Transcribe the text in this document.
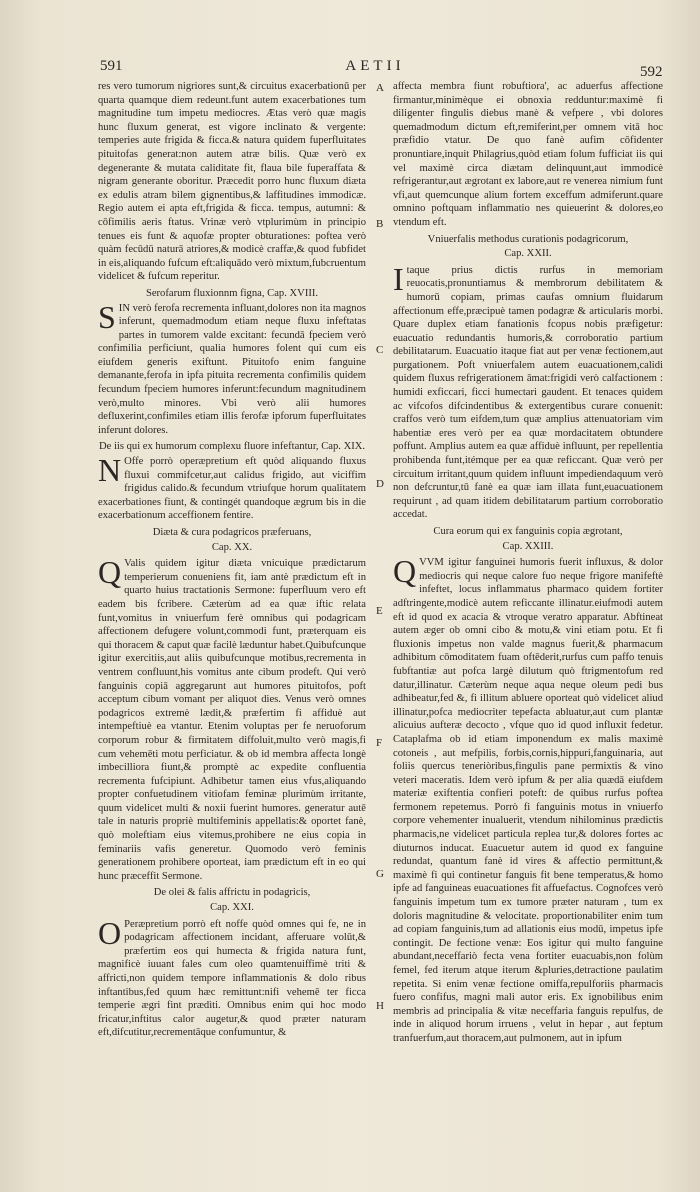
591	AETII	592
A
B
C
D
E
F
G
H

res vero tumorum nigriores sunt,& circuitus exacerbationū per quarta quamque diem redeunt.funt autem exacerbationes tum magnitudine tum impetu mediocres. Ætas verò quæ magis hunc fluxum generat, est vigore inclinato & vergente: temperies aute frigida & ficca.& natura quidem fuperfluitates pituitofas generat:non autem atræ bilis. Quæ verò ex degenerante & mutata caliditate fit, flaua bile fuperaffata & nigram generante oboritur. Præcedit porro hunc fluxum diæta ex edulis atram bilem gignentibus,& laffitudines immodicæ. Regio autem ei apta eft,frigida & ficca. tempus, autumni: & cōfimilis aeris ftatus. Vrinæ verò vtplurimùm in principio tenues eis funt & aquofæ propter obturationes: poftea verò quàm fecūdū naturā atriores,& modicè craffæ,& quod fubfidet in eis,aliquando fufcum eft:aliquādo verò mixtum,fubcruentum videlicet & fufcum reperitur.

Serofarum fluxionnm figna, Cap. XVIII.

SIN verò ferofa recrementa influant,dolores non ita magnos inferunt, quemadmodum etiam neque fluxu infeftatas partes in tumorem valde excitant: fecundā fpeciem verò confimilia perficiunt, qualia humores folent qui cum eis eiufdem generis exiftunt. Pituitofo enim fanguine demanante,ferofa in ipfa pituita recrementa confimilis quidem fecundum fpeciem humores inferunt:fecundum magnitudinem verò,multo minores. Vbi verò alii humores defluxerint,confimiles etiam illis ferofæ ipforum fuperfluitates inferunt dolores.

De iis qui ex humorum complexu fluore infeftantur, Cap. XIX.

N Offe porrò operæpretium eft quòd aliquando fluxus fluxui commifcetur,aut calidus frigido, aut viciffim frigidus calido.& fecundum vtriufque horum qualitatem exacerbationes fiunt, & contingét quandoque ægrum bis in die exacerbationum acceffionem fentire.

Diæta & cura podagricos præferuans,

Cap. XX.

Q Valis quidem igitur diæta vnicuique prædictarum temperierum conueniens fit, iam antè prædictum eft in quarto huius tractationis Sermone: fuperfluum vero eft eadem bis fcribere. Cæterùm ad ea quæ iftic relata funt,vomitus in vniuerfum ferè omnibus qui podagricam affectionem defugere volunt,commodi funt, præterquam eis qui thoracem & caput quæ facilè læduntur habet.Quibufcunque igitur exercitiis,aut aliis quibufcunque motibus,recrementa in ventrem confluunt,his vomitus ante cibum prodeft. Qui verò fanguinis copiā aggregarunt aut humores pituitofos, poft acceptum cibum vomant per aliquot dies. Venus verò omnes podagricos extremè lædit,& præfertim fi affiduè aut intempeftiuè ea vtantur. Etenim voluptas per fe neruoforum corporum robur & firmitatem diffoluit,multo verò magis,fi cum vehemēti motu perficiatur. & ob id membra affecta longè imbecilliora fiunt,& promptè ac expedite confluentia recrementa fufcipiunt. Adhibetur tamen eius vfus,aliquando propter confuetudinem vitiofam feminæ plurimùm irritante, quum videlicet multi & noxii fuerint humores. generatur autē tale in naturis propriè multifeminis appellatis:& oportet fanè, quò moleftiam eius vitemus,prohibere ne eius copia in feminariis vafis generetur. Quomodo verò feminis generationem prohibere oporteat, iam prædictum eft in eo qui hunc præceffit Sermone.

De olei & falis affrictu in podagricis,

Cap. XXI.

O Peræpretium porrò eft noffe quòd omnes qui fe, ne in podagricam affectionem incidant, afferuare volūt,& præfertim eos qui humecta & frigida natura funt, magnificè iuuant fales cum oleo quamtenuiffimè triti & affricti,non quidem tempore inflammationis & dolo ribus inftantibus,fed quum hæc remittunt:nifi vehemē ter ficca temperie ægri fint prædìti. Omnibus enim qui hoc modo fricatur,inftitus calor augetur,& quod præter naturam eft,difcutitur,recrementāque confumuntur, &

affecta membra fiunt robuftiora', ac aduerfus affectione firmantur,minimèque ei obnoxia redduntur:maximè fi diligenter fingulis diebus manè & vefpere , vbi dolores quemadmodum dictum eft,remiferint,per omnem vitā hoc præfidio vtatur. De quo fanè aufim cōfidenter pronuntiare,inquit Philagrius,quòd etiam folum fufficiat iis qui vel maximè circa diætam delinquunt,aut immodicè refrigerantur,aut ægrotant ex labore,aut re venerea nimium funt vfi,aut quemcunque alium fortem exceffum admiferunt.quare omnino poftquam inflammatio nes quieuerint & dolores,eo vtendum eft.

Vniuerfalis methodus curationis podagricorum,

Cap. XXII.

Itaque prius dictis rurfus in memoriam reuocatis,pronuntiamus & membrorum debilitatem & humorū copiam, primas caufas omnium fluidarum affectionum effe,præcipuè tamen podagræ & articularis morbi. Quare duplex etiam fanationis fcopus nobis præfigetur: euacuatio redundantis humoris,& corroboratio partium debilitatarum. Euacuatio itaque fiat aut per venæ fectionem,aut purgationem. Poft vniuerfalem autem euacuationem,calidi quidem fluxus refrigerationem āmat:frigidi verò calfactionem : humidi exficcari, ficci humectari gaudent. Et tenaces quidem ac vifcofos difcindentibus & extergentibus curare conuenit: craffos verò tum eifdem,tum quæ amplius attenuatoriam vim habentiæ eres verò per ea quæ mordacitatem obtundere poffunt. Amplius autem ea quæ affiduè influunt, per repellentia prohibenda funt,itémque per ea quæ reficcant. Quæ verò per circuitum irritant,quum quidem influunt impediendaquum verò non defcruntur,tū fanè ea quæ iam illata funt,euacuationem requirunt , ad quam itidem debilitatarum partium corroboratio accedat.

Cura eorum qui ex fanguinis copia ægrotant,

Cap. XXIII.

QVVM igitur fanguinei humoris fuerit influxus, & dolor mediocris qui neque calore fuo neque frigore manifeftè infeftet, locus inflammatus pharmaco quidem fortiter adftringente,modicè autem reficcante illinatur.eiufmodi autem eft id quod ex acacia & vtroque veratro apparatur. Abftineat autem æger ob omni cibo & motu,& vini etiam potu. Et fi fluxionis impetus non valde magnus fuerit,& pharmacum adhibitum cōmoditatem fuam oftēderit,rurfus cum paffo tenuis fubftantiæ aut pofca largè dilutum quò ftrigmentofum red datur,illinatur. Cæterùm neque aqua neque oleum pedi bus adhibeatur,fed &, fi illitum abluere oporteat quò videlicet aliud illinatur,pofca mediocriter tepefacta abluatur,aut cum plantæ alicuius aufteræ decocto , vfque quo id quod influxit fedetur. Cataplafma ob id etiam imponendum ex malis maximè cotoneis , aut mefpilis, forbis,cornis,hippuri,fanguinaria, aut foliis quercus teneriòribus,fingulis pane permixtis & vino veteri maceratis. Idem verò ipfum & per alia quædā eiufdem materiæ exiftentia confieri poteft: de quibus rurfus poftea fermonem repetemus. Porrò fi fanguinis motus in vniuerfo corpore vehementer inualuerit, vtendum nihilominus prædictis pharmacis,ne videlicet particula replea tur,& dolores fortes ac diuturnos inducat. Euacuetur autem id quod ex fanguine redundat, quantum fanè id vires & affectio permittunt,& maximè fi qui continetur fanguis fit bene temperatus,& homo ipfe ad fanguineas euacuationes fit affuefactus. Cognofces verò fanguinis impetum tum ex tumore præter naturam , tum ex doloris magnitudine & velocitate. proportionabiliter enim tum ad copiam fanguinis,tum ad allationis eius modū, impetus ipfe contingit. De fectione venæ: Eos igitur qui multo fanguine abundant,neceffariò fecta vena fortiter euacuabis,non folùm femel, fed iterum atque iterum &pluries,detractione paulatim repetita. Si enim venæ fectione omiffa,repulforiis pharmacis fuero confifus, magni mali autor eris. Ex ignobilibus enim membris ad principalia & vitæ neceffaria fanguis repulfus, de inde in aliquod horum irruens , velut in hepar , aut feptum tranfuerfum,aut thoracem,aut pulmonem, aut in ipfum
